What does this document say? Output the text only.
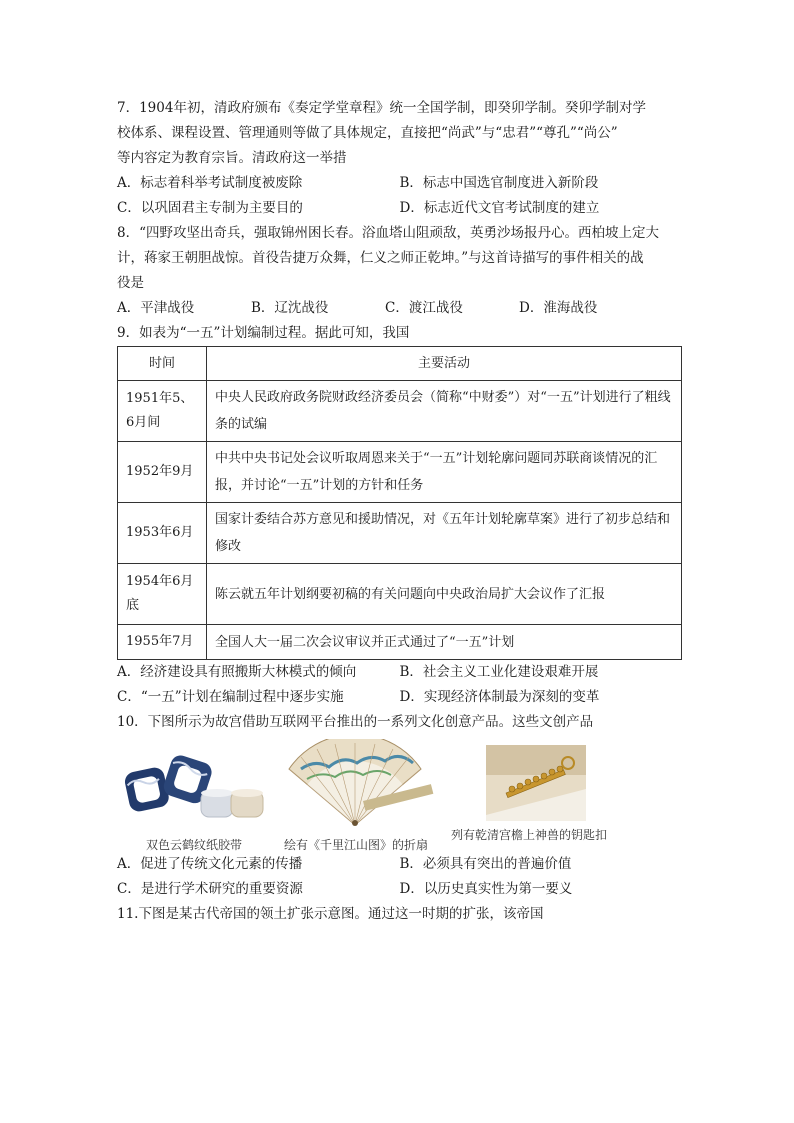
7．1904年初，清政府颁布《奏定学堂章程》统一全国学制，即癸卯学制。癸卯学制对学
校体系、课程设置、管理通则等做了具体规定，直接把“尚武”与“忠君”“尊孔”“尚公”
等内容定为教育宗旨。清政府这一举措
A．标志着科举考试制度被废除	B．标志中国选官制度进入新阶段
C．以巩固君主专制为主要目的	D．标志近代文官考试制度的建立
8．“四野攻坚出奇兵，强取锦州困长春。浴血塔山阻顽敌，英勇沙场报丹心。西柏坡上定大
计，蒋家王朝胆战惊。首役告捷万众舞，仁义之师正乾坤。”与这首诗描写的事件相关的战
役是
A．平津战役	B．辽沈战役	C．渡江战役	D．淮海战役
9．如表为“一五”计划编制过程。据此可知，我国
时间	主要活动
1951年5、6月间	中央人民政府政务院财政经济委员会（简称“中财委”）对“一五”计划进行了粗线条的试编
1952年9月	中共中央书记处会议听取周恩来关于“一五”计划轮廓问题同苏联商谈情况的汇报，并讨论“一五”计划的方针和任务
1953年6月	国家计委结合苏方意见和援助情况，对《五年计划轮廓草案》进行了初步总结和修改
1954年6月底	陈云就五年计划纲要初稿的有关问题向中央政治局扩大会议作了汇报
1955年7月	全国人大一届二次会议审议并正式通过了“一五”计划
A．经济建设具有照搬斯大林模式的倾向	B．社会主义工业化建设艰难开展
C．“一五”计划在编制过程中逐步实施	D．实现经济体制最为深刻的变革
10．下图所示为故宫借助互联网平台推出的一系列文化创意产品。这些文创产品
双色云鹤纹纸胶带	绘有《千里江山图》的折扇
列有乾清宫檐上神兽的钥匙扣
A．促进了传统文化元素的传播	B．必须具有突出的普遍价值
C．是进行学术研究的重要资源	D．以历史真实性为第一要义
11.下图是某古代帝国的领土扩张示意图。通过这一时期的扩张，该帝国
